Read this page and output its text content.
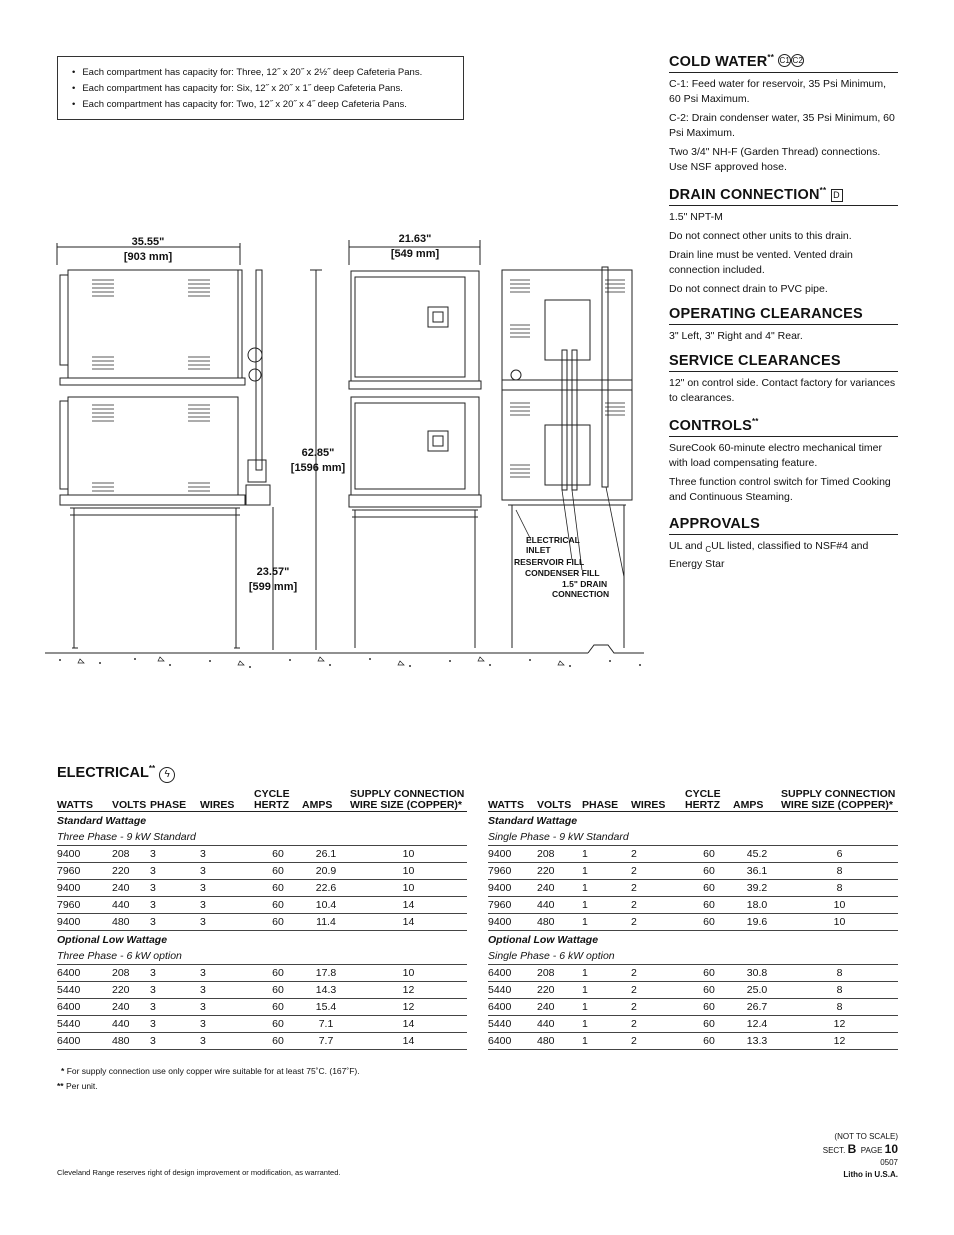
• Each compartment has capacity for: Three, 12˝ x 20˝ x 2½˝ deep Cafeteria Pans.
• Each compartment has capacity for: Six, 12˝ x 20˝ x 1˝ deep Cafeteria Pans.
• Each compartment has capacity for: Two, 12˝ x 20˝ x 4˝ deep Cafeteria Pans.
COLD WATER** C1 C2
C-1: Feed water for reservoir, 35 Psi Minimum, 60 Psi Maximum.
C-2: Drain condenser water, 35 Psi Minimum, 60 Psi Maximum.
Two 3/4" NH-F (Garden Thread) connections. Use NSF approved hose.
DRAIN CONNECTION** D
1.5" NPT-M
Do not connect other units to this drain.
Drain line must be vented. Vented drain connection included.
Do not connect drain to PVC pipe.
OPERATING CLEARANCES
3" Left, 3" Right and 4" Rear.
SERVICE CLEARANCES
12" on control side. Contact factory for variances to clearances.
CONTROLS**
SureCook 60-minute electro mechanical timer with load compensating feature.
Three function control switch for Timed Cooking and Continuous Steaming.
APPROVALS
UL and $_C$UL listed, classified to NSF#4 and Energy Star
35.55"
[903 mm]
23.57"
[599 mm]
62.85"
[1596 mm]
21.63"
[549 mm]
ELECTRICAL
INLET
RESERVOIR FILL
CONDENSER FILL
1.5" DRAIN
CONNECTION
ELECTRICAL** ϟ
WATTS	VOLTS	PHASE	WIRES	CYCLE HERTZ	AMPS	SUPPLY CONNECTION WIRE SIZE (COPPER)*
Standard Wattage						
Three Phase - 9 kW Standard						
9400	208	3	3	60	26.1	10
7960	220	3	3	60	20.9	10
9400	240	3	3	60	22.6	10
7960	440	3	3	60	10.4	14
9400	480	3	3	60	11.4	14
Optional Low Wattage						
Three Phase - 6 kW option						
6400	208	3	3	60	17.8	10
5440	220	3	3	60	14.3	12
6400	240	3	3	60	15.4	12
5440	440	3	3	60	7.1	14
6400	480	3	3	60	7.7	14
WATTS	VOLTS	PHASE	WIRES	CYCLE HERTZ	AMPS	SUPPLY CONNECTION WIRE SIZE (COPPER)*
Standard Wattage						
Single Phase - 9 kW Standard						
9400	208	1	2	60	45.2	6
7960	220	1	2	60	36.1	8
9400	240	1	2	60	39.2	8
7960	440	1	2	60	18.0	10
9400	480	1	2	60	19.6	10
Optional Low Wattage						
Single Phase - 6 kW option						
6400	208	1	2	60	30.8	8
5440	220	1	2	60	25.0	8
6400	240	1	2	60	26.7	8
5440	440	1	2	60	12.4	12
6400	480	1	2	60	13.3	12
* For supply connection use only copper wire suitable for at least 75˚C. (167˚F).
** Per unit.
Cleveland Range reserves right of design improvement or modification, as warranted.
(NOT TO SCALE)
SECT. B PAGE 10
0507
Litho in U.S.A.
